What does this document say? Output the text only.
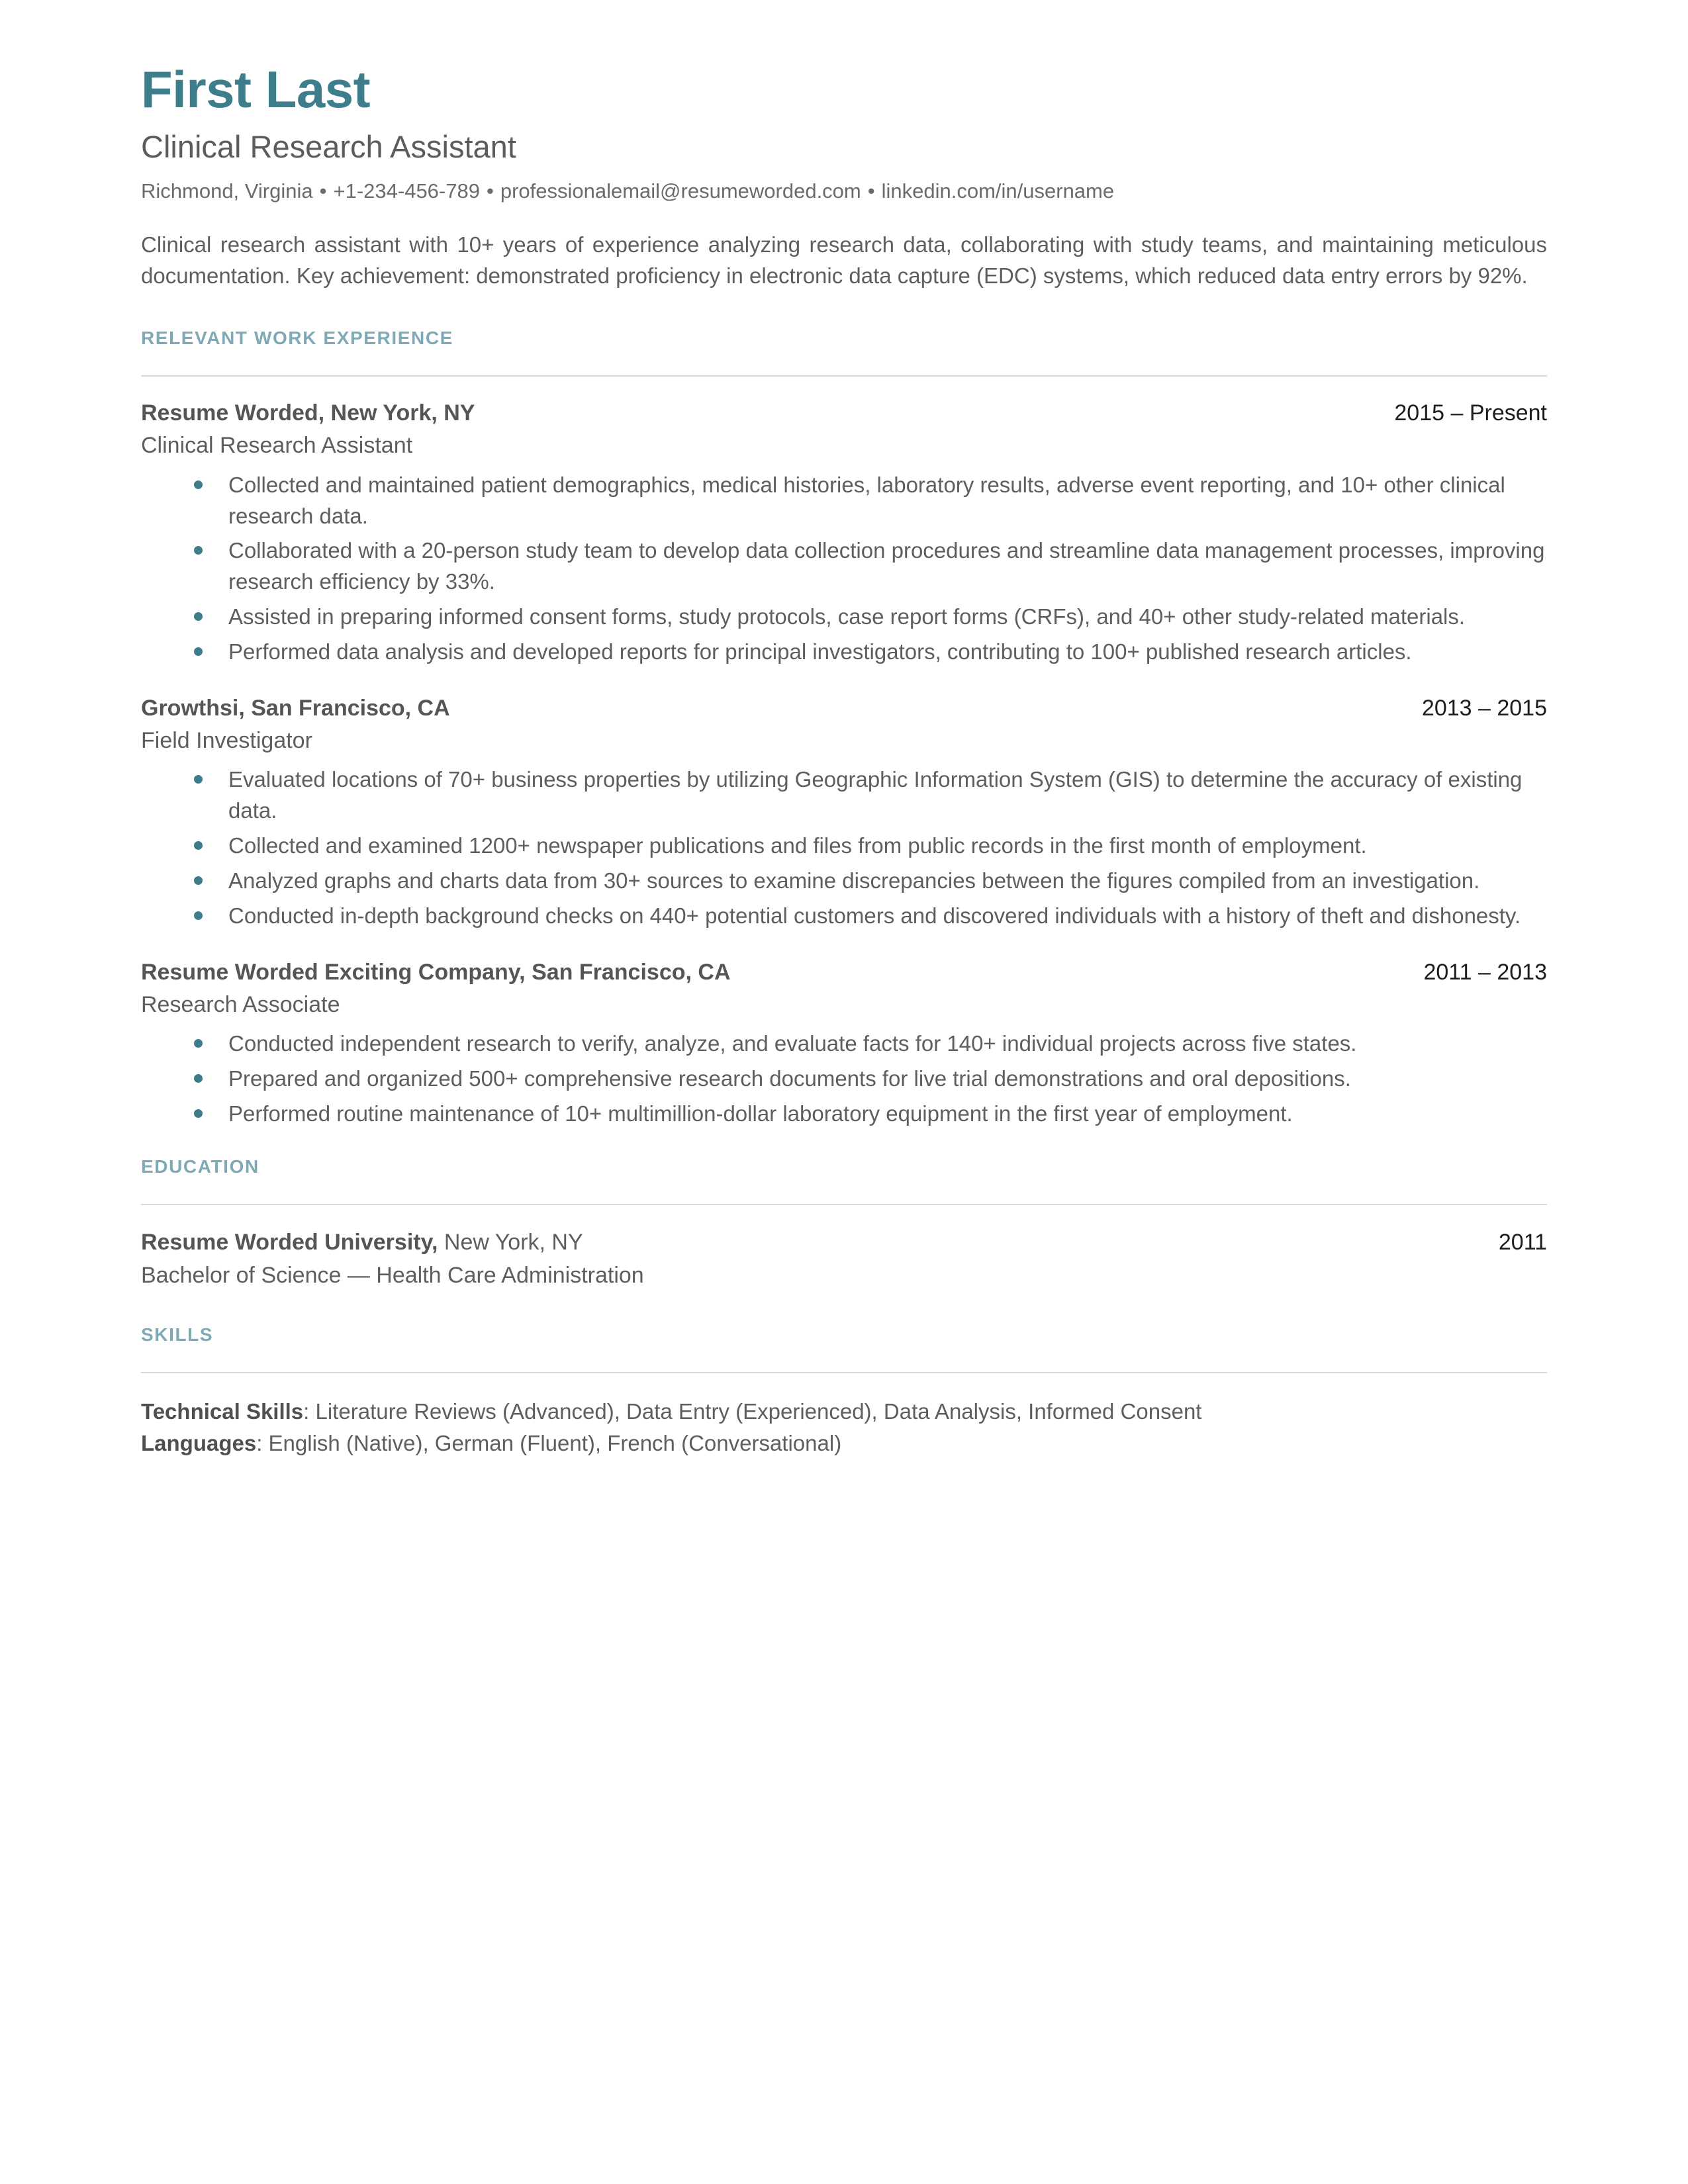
First Last
Clinical Research Assistant
Richmond, Virginia • +1-234-456-789 • professionalemail@resumeworded.com • linkedin.com/in/username

Clinical research assistant with 10+ years of experience analyzing research data, collaborating with study teams, and maintaining meticulous documentation. Key achievement: demonstrated proficiency in electronic data capture (EDC) systems, which reduced data entry errors by 92%.

RELEVANT WORK EXPERIENCE
Resume Worded, New York, NY	2015 – Present
Clinical Research Assistant
Collected and maintained patient demographics, medical histories, laboratory results, adverse event reporting, and 10+ other clinical research data.
Collaborated with a 20-person study team to develop data collection procedures and streamline data management processes, improving research efficiency by 33%.
Assisted in preparing informed consent forms, study protocols, case report forms (CRFs), and 40+ other study-related materials.
Performed data analysis and developed reports for principal investigators, contributing to 100+ published research articles.
Growthsi, San Francisco, CA	2013 – 2015
Field Investigator
Evaluated locations of 70+ business properties by utilizing Geographic Information System (GIS) to determine the accuracy of existing data.
Collected and examined 1200+ newspaper publications and files from public records in the first month of employment.
Analyzed graphs and charts data from 30+ sources to examine discrepancies between the figures compiled from an investigation.
Conducted in-depth background checks on 440+ potential customers and discovered individuals with a history of theft and dishonesty.
Resume Worded Exciting Company, San Francisco, CA	2011 – 2013
Research Associate
Conducted independent research to verify, analyze, and evaluate facts for 140+ individual projects across five states.
Prepared and organized 500+ comprehensive research documents for live trial demonstrations and oral depositions.
Performed routine maintenance of 10+ multimillion-dollar laboratory equipment in the first year of employment.
EDUCATION
Resume Worded University, New York, NY	2011
Bachelor of Science — Health Care Administration
SKILLS
Technical Skills: Literature Reviews (Advanced), Data Entry (Experienced), Data Analysis, Informed Consent
Languages: English (Native), German (Fluent), French (Conversational)
